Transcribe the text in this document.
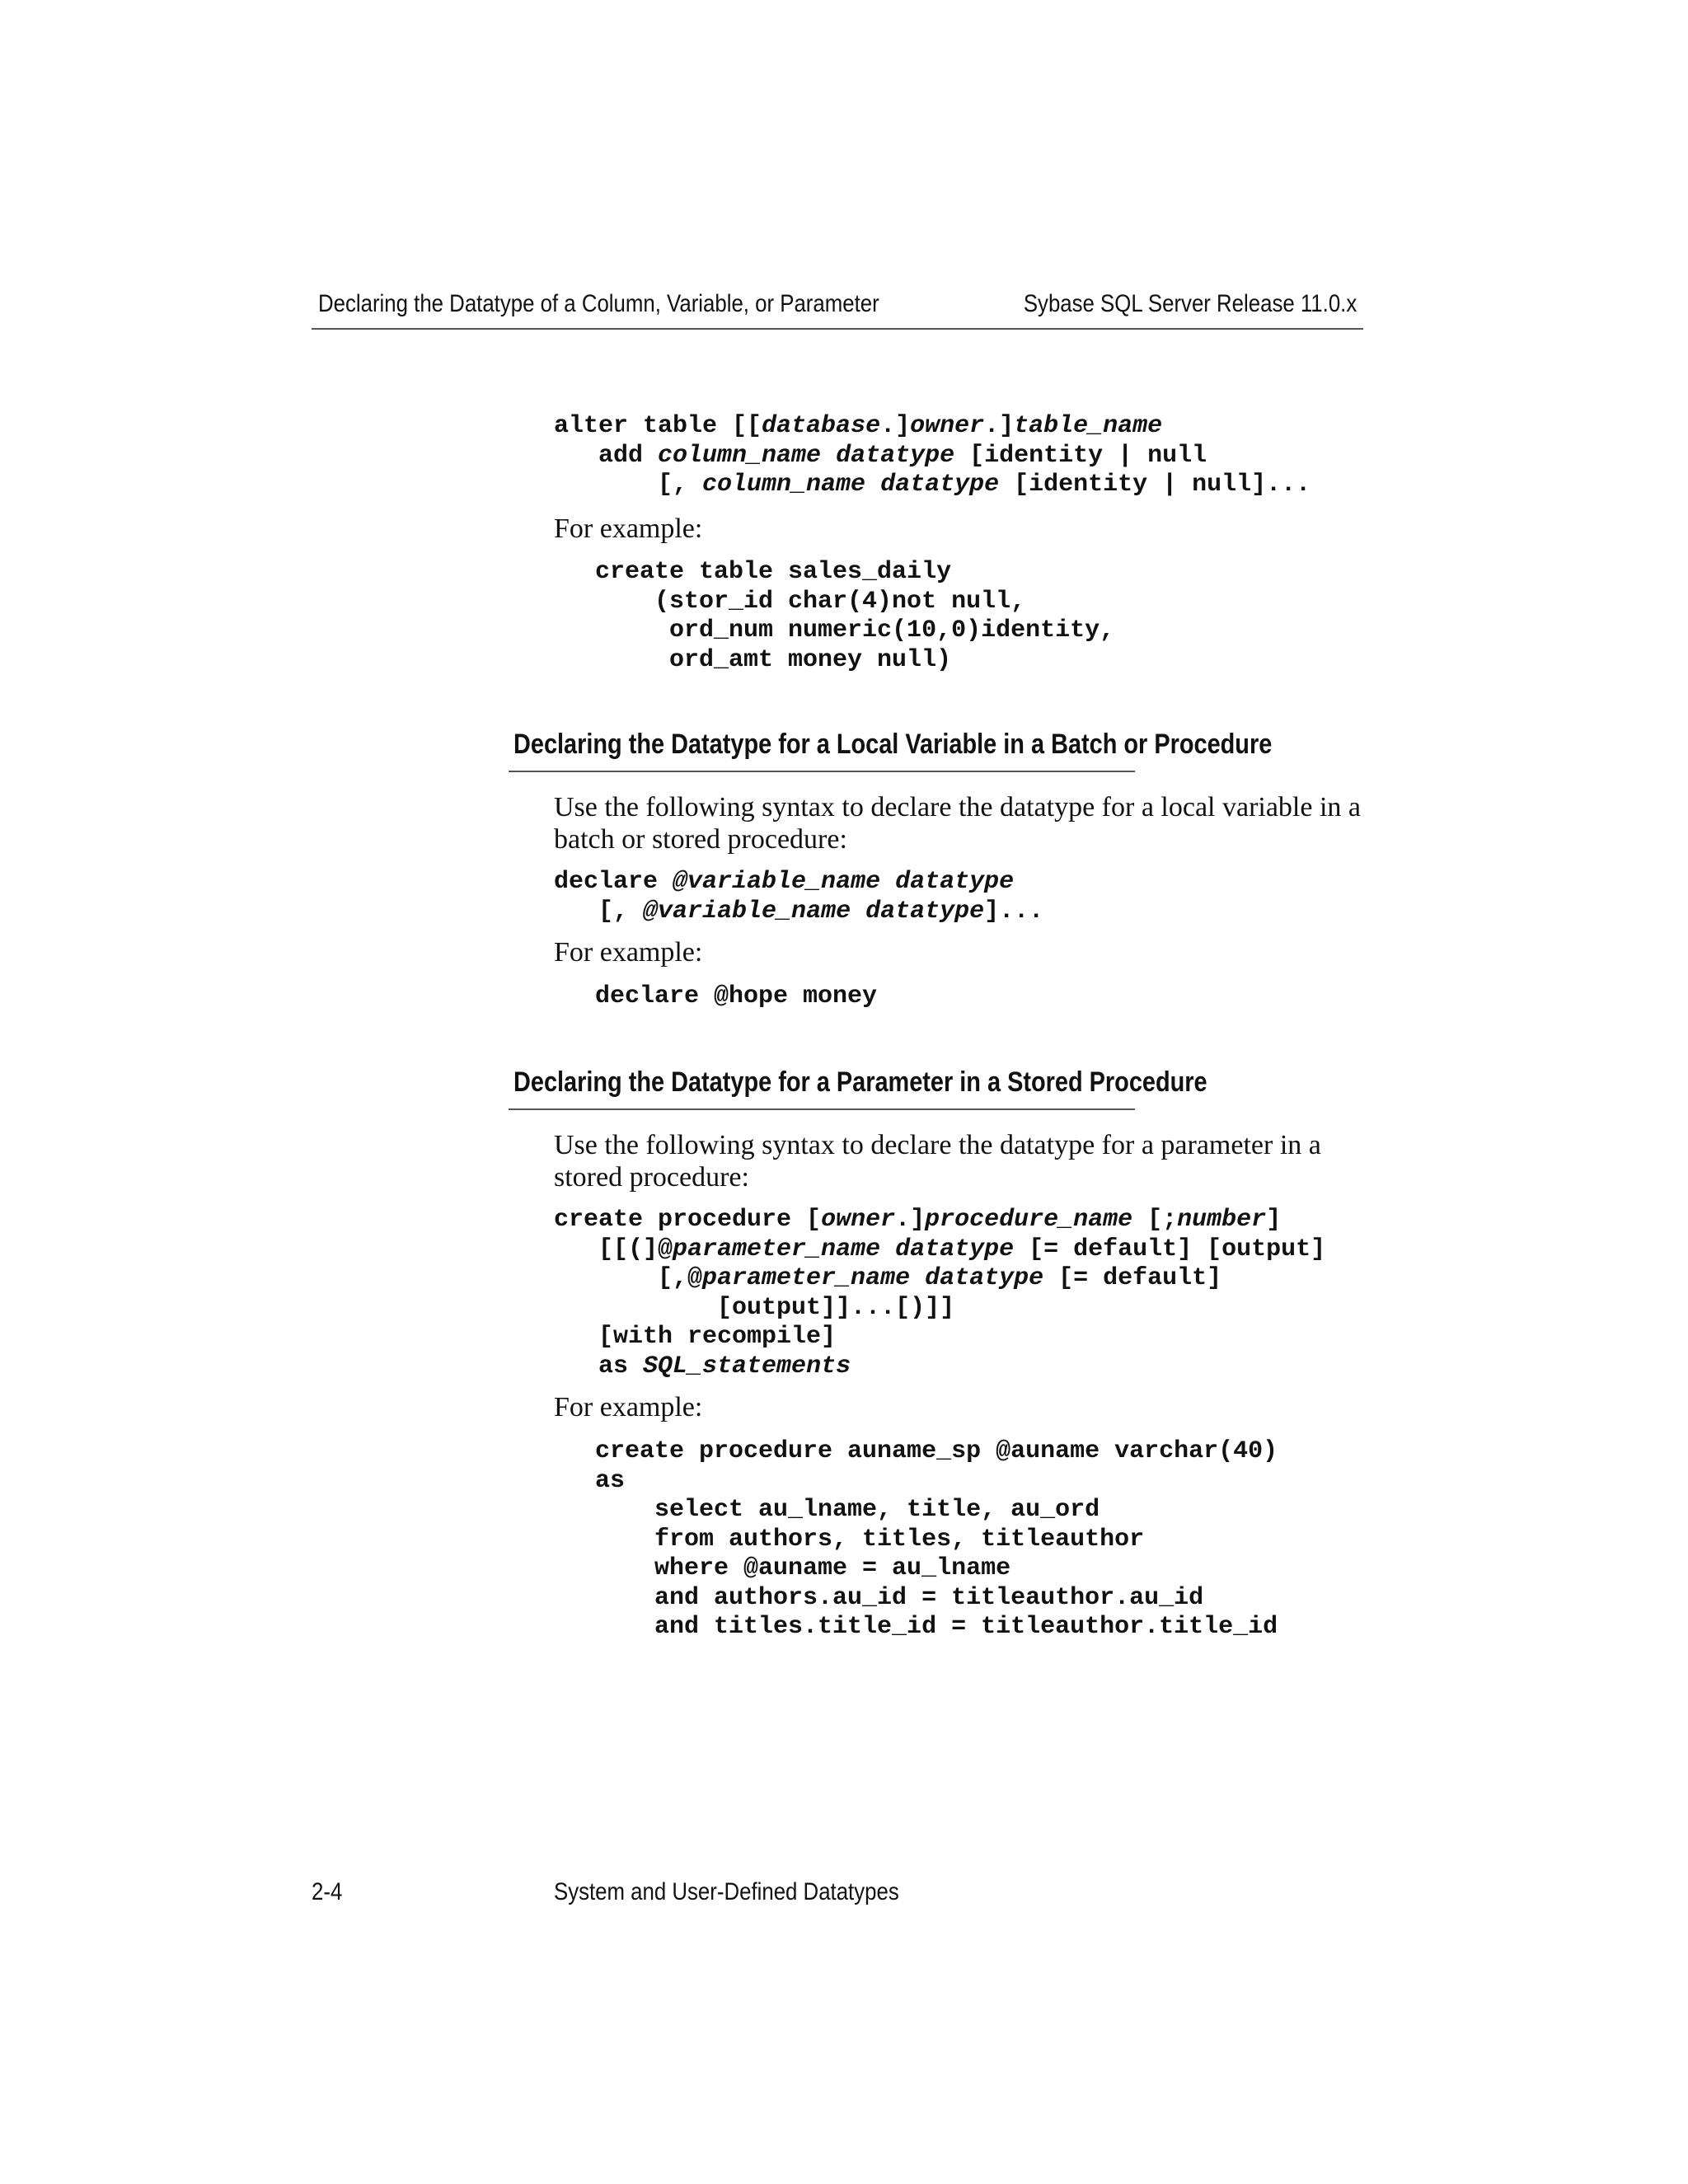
Declaring the Datatype of a Column, Variable, or Parameter	Sybase SQL Server Release 11.0.x
alter table [[database.]owner.]table_name
add column_name datatype [identity | null
[, column_name datatype [identity | null]...

For example:

create table sales_daily
(stor_id char(4)not null,
ord_num numeric(10,0)identity,
ord_amt money null)
Declaring the Datatype for a Local Variable in a Batch or Procedure

Use the following syntax to declare the datatype for a local variable in a batch or stored procedure:

declare @variable_name datatype
[, @variable_name datatype]...

For example:

declare @hope money
Declaring the Datatype for a Parameter in a Stored Procedure

Use the following syntax to declare the datatype for a parameter in a stored procedure:

create procedure [owner.]procedure_name [;number]
[[(]@parameter_name datatype [= default] [output]
[,@parameter_name datatype [= default]
[output]]...[)]]
[with recompile]
as SQL_statements

For example:

create procedure auname_sp @auname varchar(40)
as
select au_lname, title, au_ord
from authors, titles, titleauthor
where @auname = au_lname
and authors.au_id = titleauthor.au_id
and titles.title_id = titleauthor.title_id
2-4	System and User-Defined Datatypes
